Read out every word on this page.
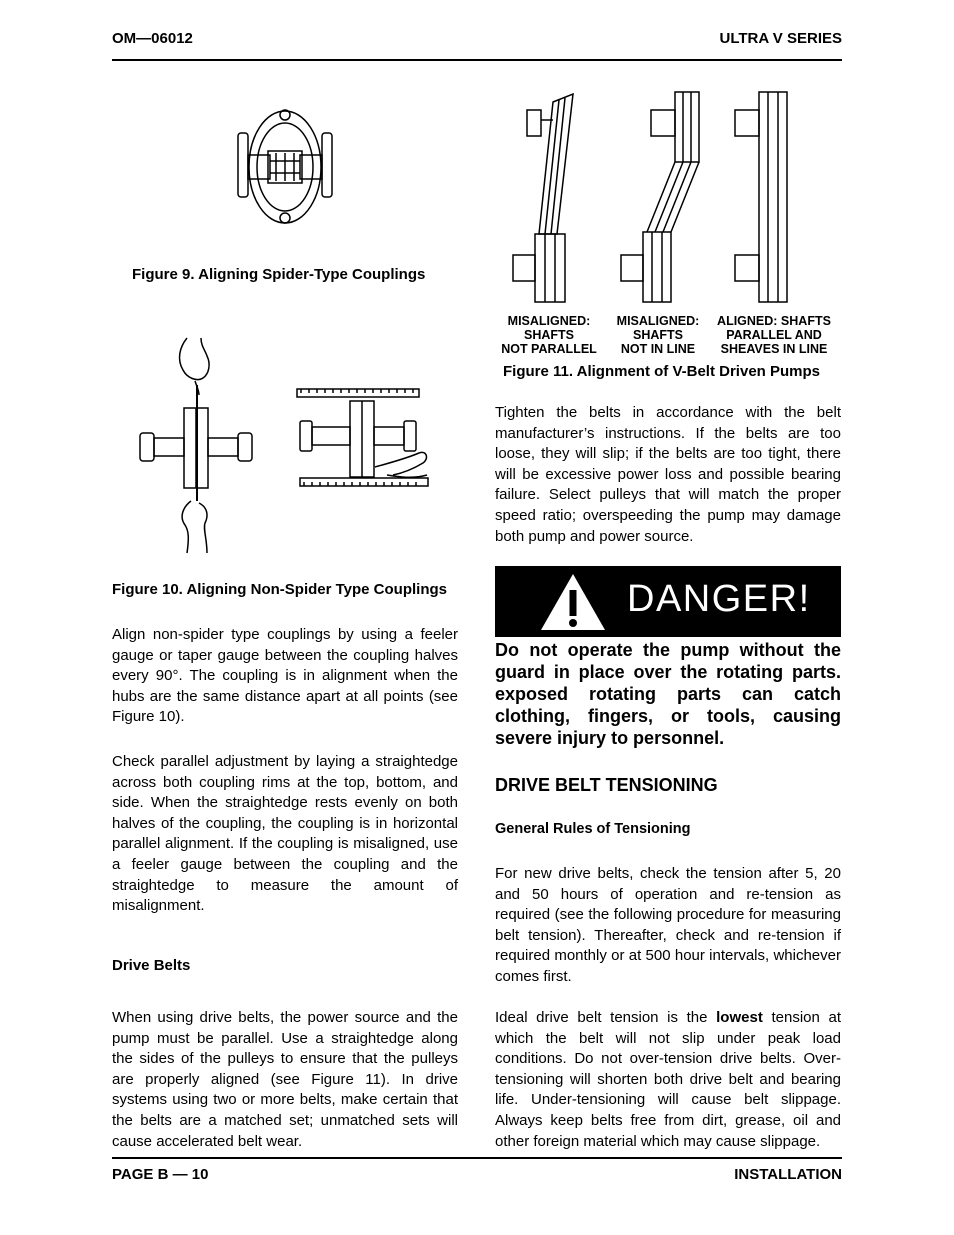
OM—06012	ULTRA V SERIES
Figure 9. Aligning Spider-Type Couplings
Figure 10. Aligning Non-Spider Type Couplings
Align non-spider type couplings by using a feeler gauge or taper gauge between the coupling halves every 90°. The coupling is in alignment when the hubs are the same distance apart at all points (see Figure 10).
Check parallel adjustment by laying a straightedge across both coupling rims at the top, bottom, and side. When the straightedge rests evenly on both halves of the coupling, the coupling is in horizontal parallel alignment. If the coupling is misaligned, use a feeler gauge between the coupling and the straightedge to measure the amount of misalignment.
Drive Belts
When using drive belts, the power source and the pump must be parallel. Use a straightedge along the sides of the pulleys to ensure that the pulleys are properly aligned (see Figure 11). In drive systems using two or more belts, make certain that the belts are a matched set; unmatched sets will cause accelerated belt wear.
MISALIGNED:
SHAFTS
NOT PARALLEL
MISALIGNED:
SHAFTS
NOT IN LINE
ALIGNED: SHAFTS
PARALLEL AND
SHEAVES IN LINE
Figure 11. Alignment of V-Belt Driven Pumps
Tighten the belts in accordance with the belt manufacturer’s instructions. If the belts are too loose, they will slip; if the belts are too tight, there will be excessive power loss and possible bearing failure. Select pulleys that will match the proper speed ratio; overspeeding the pump may damage both pump and power source.
DANGER!
Do not operate the pump without the guard in place over the rotating parts. exposed rotating parts can catch clothing, fingers, or tools, causing severe injury to personnel.
DRIVE BELT TENSIONING
General Rules of Tensioning
For new drive belts, check the tension after 5, 20 and 50 hours of operation and re-tension as required (see the following procedure for measuring belt tension). Thereafter, check and re-tension if required monthly or at 500 hour intervals, whichever comes first.
Ideal drive belt tension is the lowest tension at which the belt will not slip under peak load conditions. Do not over-tension drive belts. Over-tensioning will shorten both drive belt and bearing life. Under-tensioning will cause belt slippage. Always keep belts free from dirt, grease, oil and other foreign material which may cause slippage.
PAGE B — 10	INSTALLATION
